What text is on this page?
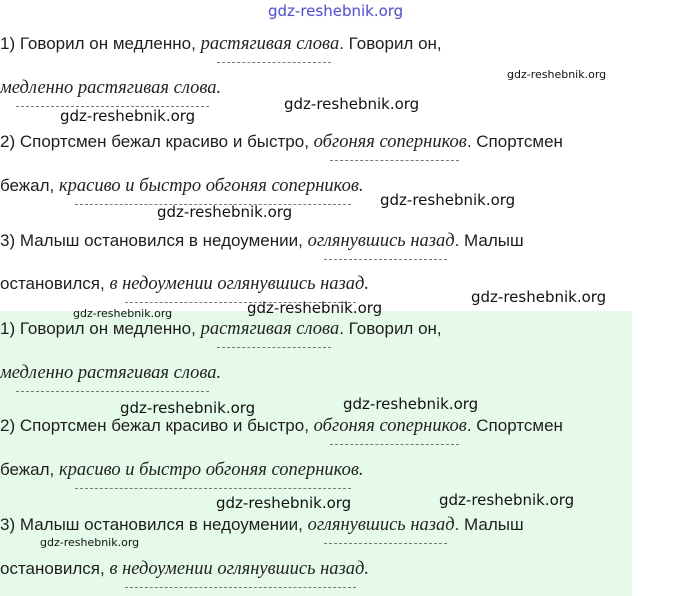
gdz-reshebnik.org
1) Говорил он медленно, растягивая слова. Говорил он,
медленно растягивая слова.
2) Спортсмен бежал красиво и быстро, обгоняя соперников. Спортсмен
бежал, красиво и быстро обгоняя соперников.
3) Малыш остановился в недоумении, оглянувшись назад. Малыш
остановился, в недоумении оглянувшись назад.
1) Говорил он медленно, растягивая слова. Говорил он,
медленно растягивая слова.
2) Спортсмен бежал красиво и быстро, обгоняя соперников. Спортсмен
бежал, красиво и быстро обгоняя соперников.
3) Малыш остановился в недоумении, оглянувшись назад. Малыш
остановился, в недоумении оглянувшись назад.
gdz-reshebnik.org
gdz-reshebnik.org
gdz-reshebnik.org
gdz-reshebnik.org
gdz-reshebnik.org
gdz-reshebnik.org
gdz-reshebnik.org
gdz-reshebnik.org
gdz-reshebnik.org
gdz-reshebnik.org
gdz-reshebnik.org
gdz-reshebnik.org
gdz-reshebnik.org
